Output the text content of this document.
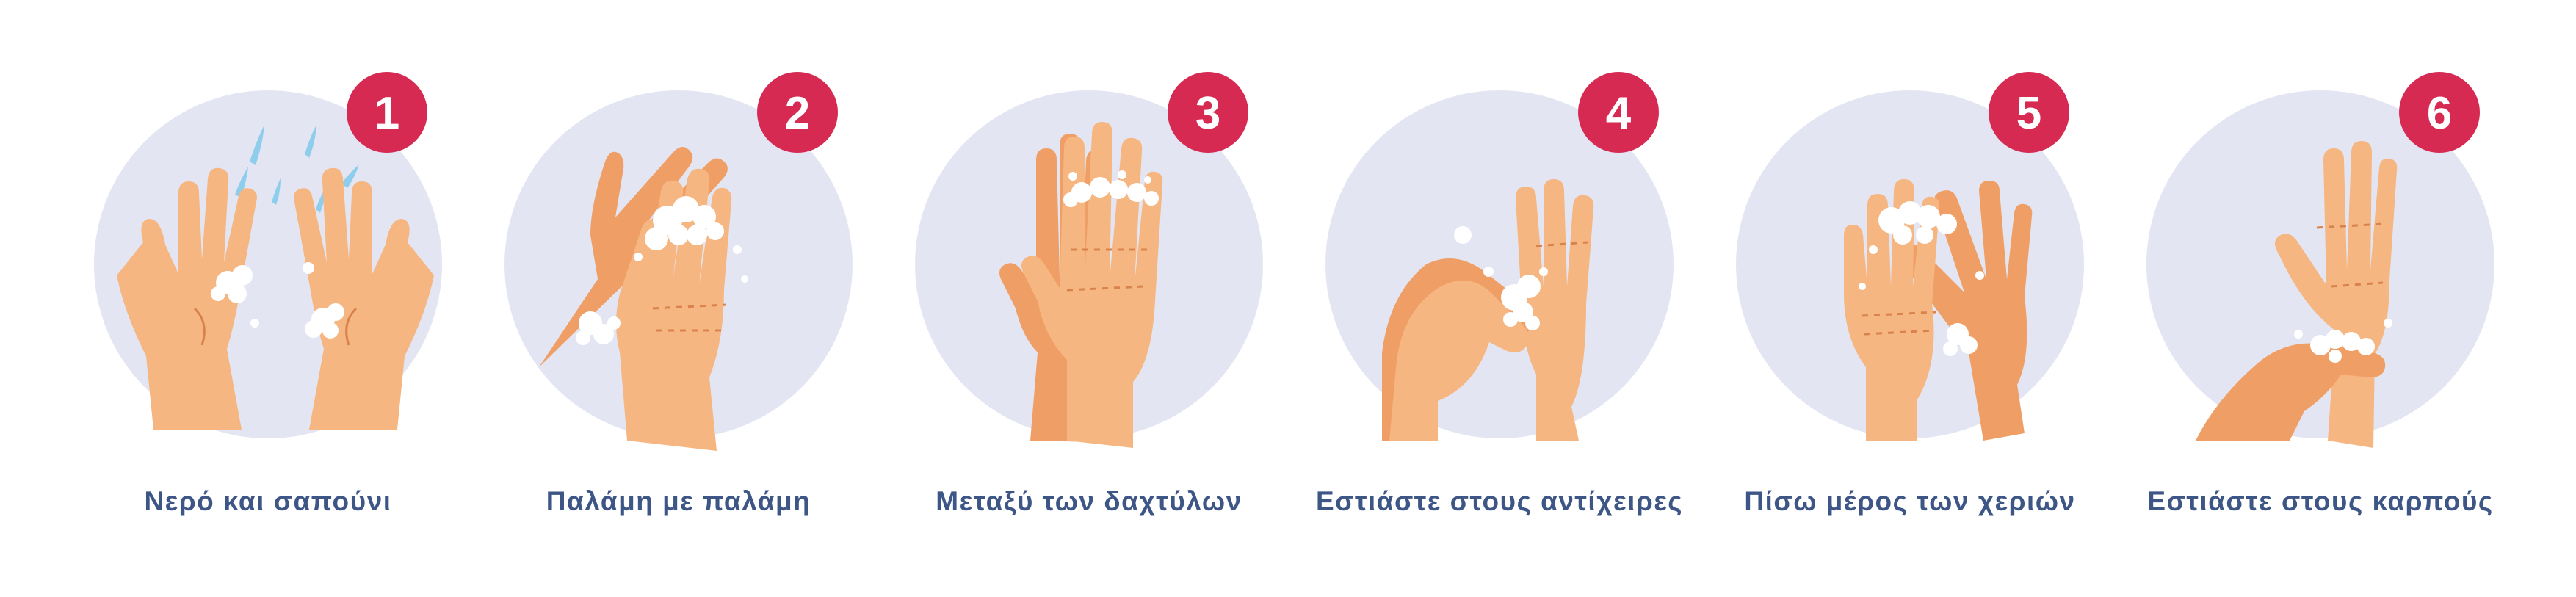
1
Νερό και σαπούνι
2
Παλάμη με παλάμη
3
Μεταξύ των δαχτύλων
4
Εστιάστε στους αντίχειρες
5
Πίσω μέρος των χεριών
6
Εστιάστε στους καρπούς
